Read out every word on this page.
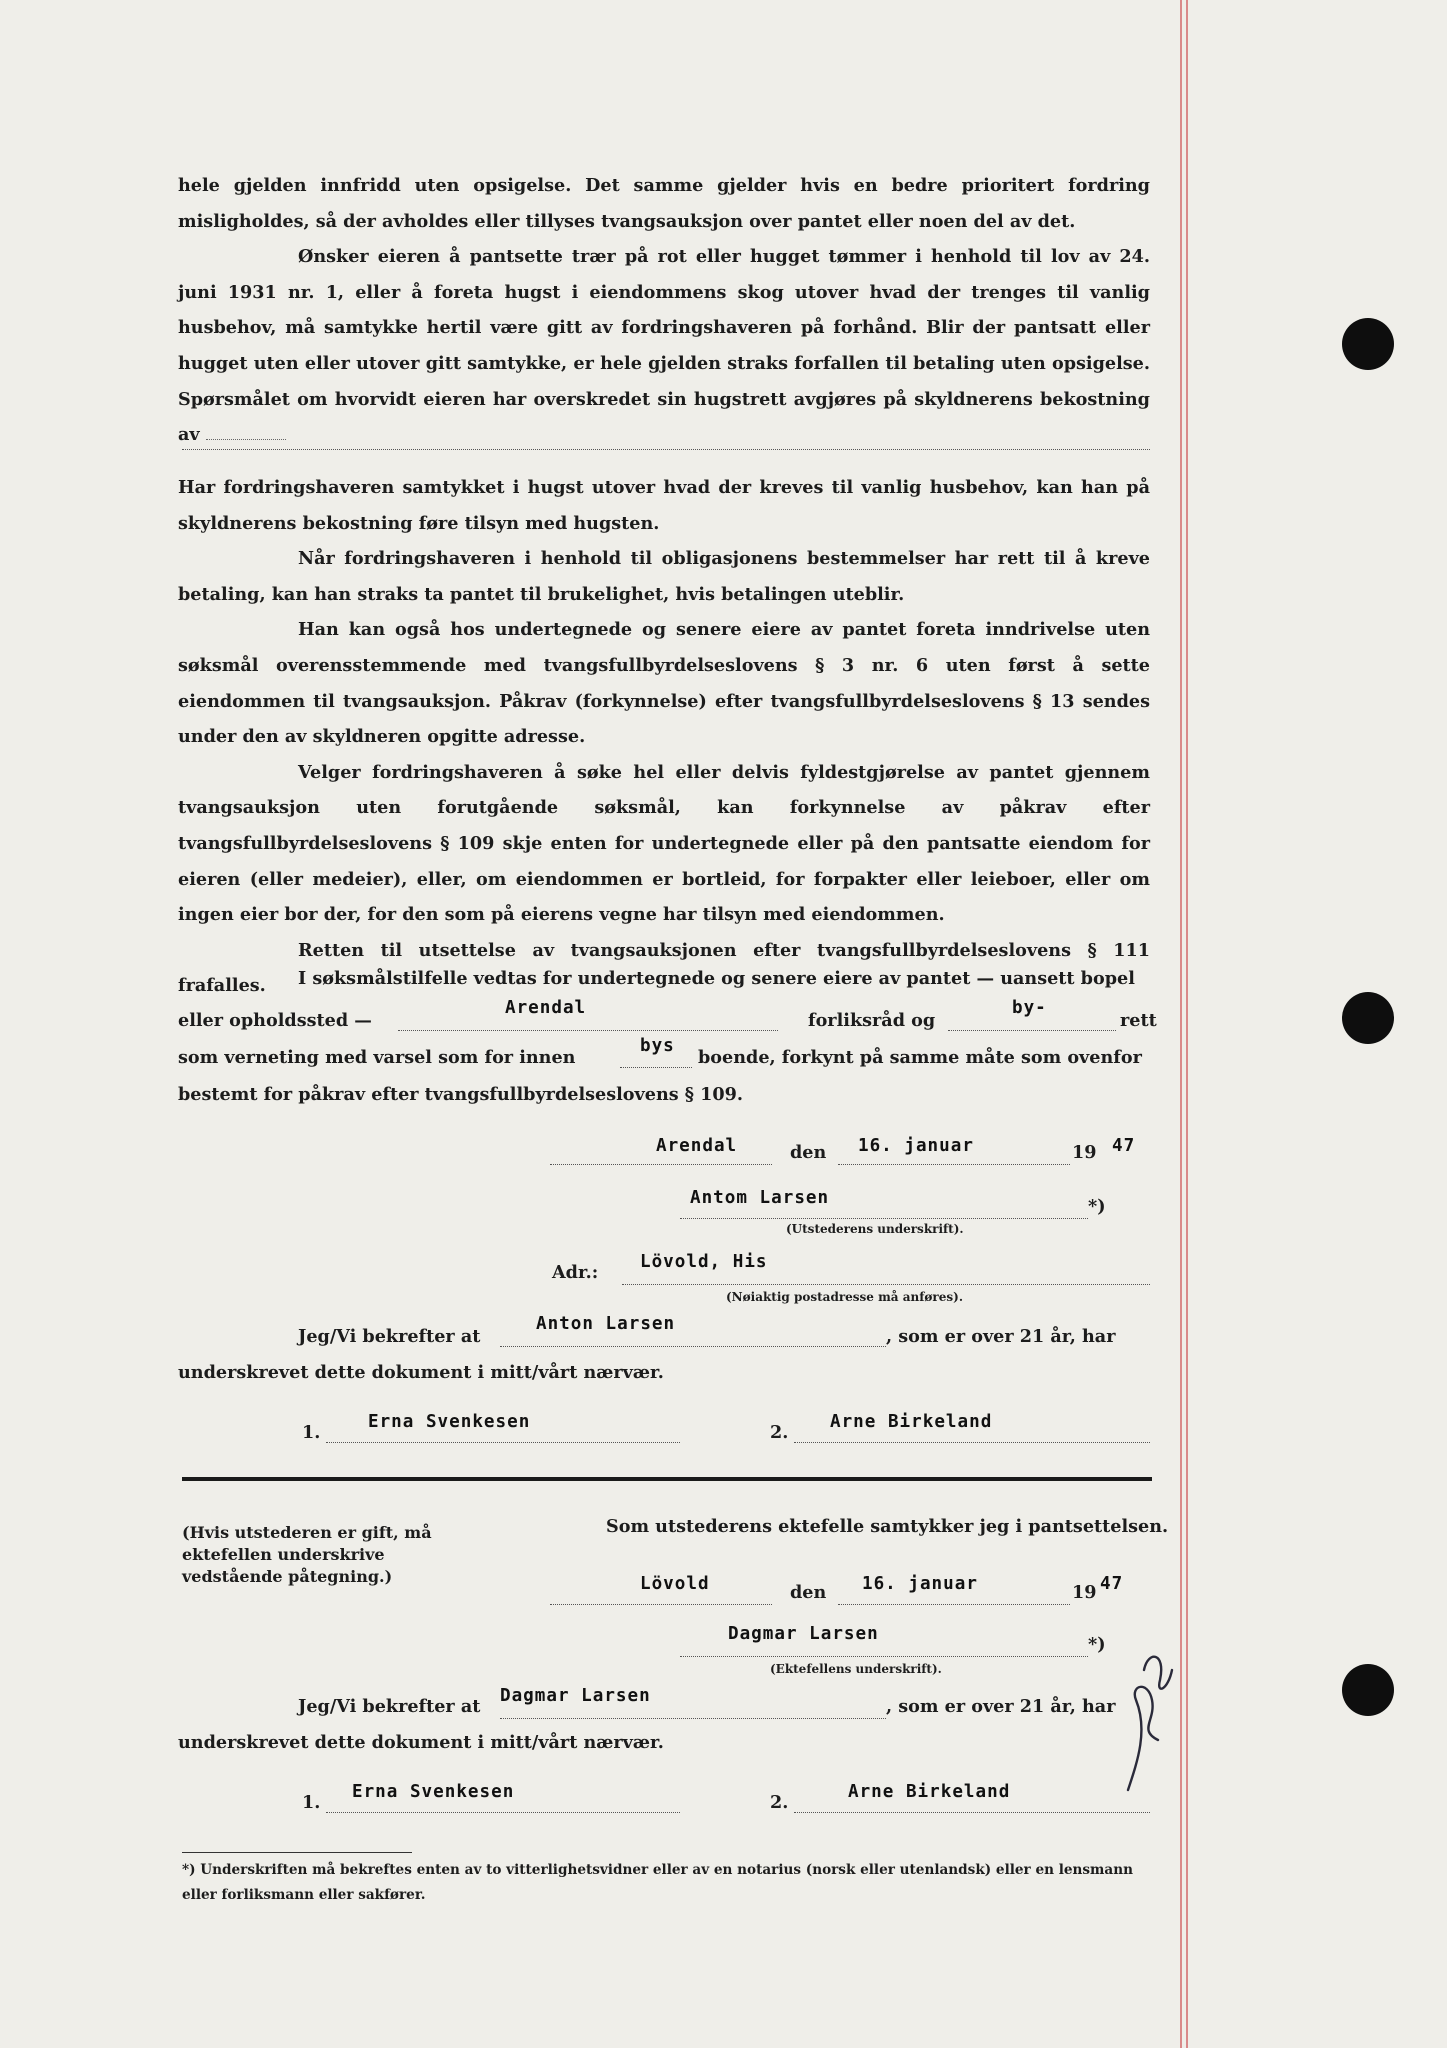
hele gjelden innfridd uten opsigelse. Det samme gjelder hvis en bedre prioritert fordring misligholdes, så der avholdes eller tillyses tvangsauksjon over pantet eller noen del av det.

Ønsker eieren å pantsette trær på rot eller hugget tømmer i henhold til lov av 24. juni 1931 nr. 1, eller å foreta hugst i eiendommens skog utover hvad der trenges til vanlig husbehov, må samtykke hertil være gitt av fordringshaveren på forhånd. Blir der pantsatt eller hugget uten eller utover gitt samtykke, er hele gjelden straks forfallen til betaling uten opsigelse. Spørsmålet om hvorvidt eieren har overskredet sin hugstrett avgjøres på skyldnerens bekostning av

Har fordringshaveren samtykket i hugst utover hvad der kreves til vanlig husbehov, kan han på skyldnerens bekostning føre tilsyn med hugsten.

Når fordringshaveren i henhold til obligasjonens bestemmelser har rett til å kreve betaling, kan han straks ta pantet til brukelighet, hvis betalingen uteblir.

Han kan også hos undertegnede og senere eiere av pantet foreta inndrivelse uten søksmål overensstemmende med tvangsfullbyrdelseslovens § 3 nr. 6 uten først å sette eiendommen til tvangsauksjon. Påkrav (forkynnelse) efter tvangsfullbyrdelseslovens § 13 sendes under den av skyldneren opgitte adresse.

Velger fordringshaveren å søke hel eller delvis fyldestgjørelse av pantet gjennem tvangsauksjon uten forutgående søksmål, kan forkynnelse av påkrav efter tvangsfullbyrdelseslovens § 109 skje enten for undertegnede eller på den pantsatte eiendom for eieren (eller medeier), eller, om eiendommen er bortleid, for forpakter eller leieboer, eller om ingen eier bor der, for den som på eierens vegne har tilsyn med eiendommen.

Retten til utsettelse av tvangsauksjonen efter tvangsfullbyrdelseslovens § 111 frafalles.	I søksmålstilfelle vedtas for undertegnede og senere eiere av pantet — uansett bopel
eller opholdssted —
Arendal
forliksråd og
by-
rett
som verneting med varsel som for innen
bys
boende, forkynt på samme måte som ovenfor
bestemt for påkrav efter tvangsfullbyrdelseslovens § 109.
Arendal	den 16. januar	19 47
Antom Larsen	*)
(Utstederens underskrift).
Adr.: Lövold, His
(Nøiaktig postadresse må anføres).
Jeg/Vi bekrefter at
Anton Larsen
, som er over 21 år, har
underskrevet dette dokument i mitt/vårt nærvær.
1.	Erna Svenkesen	2. Arne Birkeland
(Hvis utstederen er gift, må ektefellen underskrive vedstående påtegning.)
Som utstederens ektefelle samtykker jeg i pantsettelsen.
Lövold	den 16. januar	19 47
Dagmar Larsen	*)
(Ektefellens underskrift).
Jeg/Vi bekrefter at Dagmar Larsen	, som er over 21 år, har
underskrevet dette dokument i mitt/vårt nærvær.
1. Erna Svenkesen	2.	Arne Birkeland
*) Underskriften må bekreftes enten av to vitterlighetsvidner eller av en notarius (norsk eller utenlandsk) eller en lensmann eller forliksmann eller sakfører.
